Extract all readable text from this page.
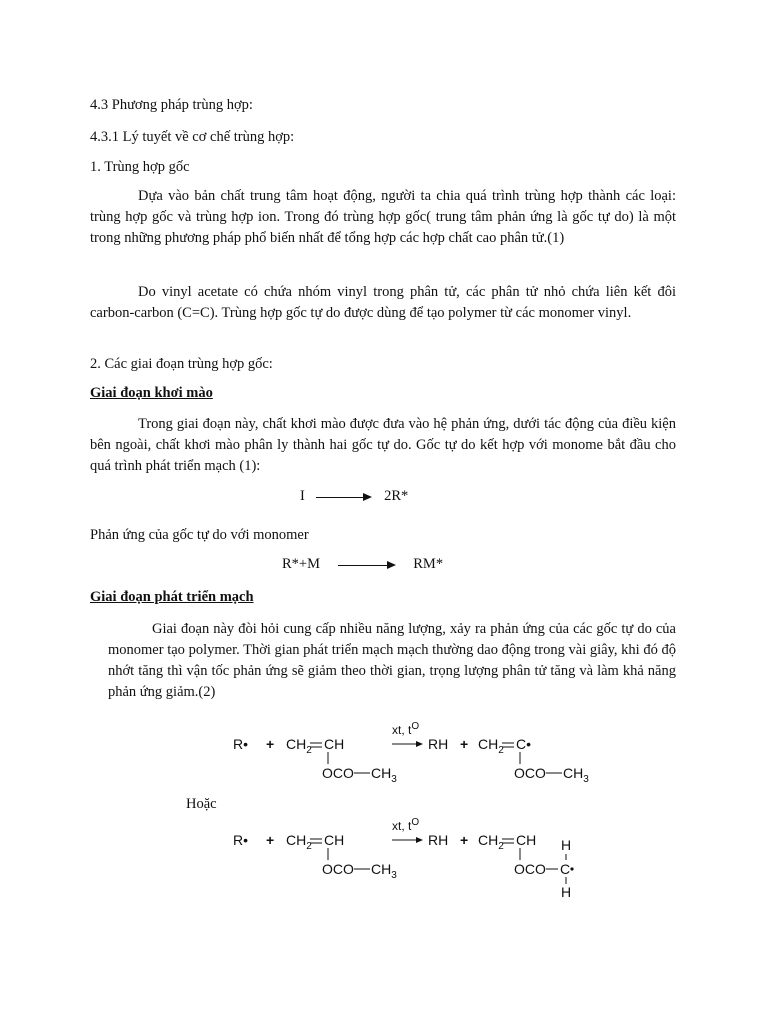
4.3 Phương pháp trùng hợp:
4.3.1 Lý tuyết về cơ chế trùng hợp:
1. Trùng hợp gốc
Dựa vào bản chất trung tâm hoạt động, người ta chia quá trình trùng hợp thành các loại: trùng hợp gốc và trùng hợp ion. Trong đó trùng hợp gốc( trung tâm phản ứng là gốc tự do) là một trong những phương pháp phổ biến nhất để tổng hợp các hợp chất cao phân tử.(1)
Do vinyl acetate có chứa nhóm vinyl trong phân tử, các phân tử nhỏ chứa liên kết đôi carbon-carbon (C=C). Trùng hợp gốc tự do được dùng để tạo polymer từ các monomer vinyl.
2. Các giai đoạn trùng hợp gốc:
Giai đoạn khơi mào
Trong giai đoạn này, chất khơi mào được đưa vào hệ phản ứng, dưới tác động của điều kiện bên ngoài, chất khơi mào phân ly thành hai gốc tự do. Gốc tự do kết hợp với monome bắt đầu cho quá trình phát triển mạch (1):
I	2R*
Phản ứng của gốc tự do với monomer
R*+M	RM*
Giai đoạn phát triển mạch
Giai đoạn này đòi hỏi cung cấp nhiều năng lượng, xảy ra phản ứng của các gốc tự do của monomer tạo polymer. Thời gian phát triển mạch mạch thường dao động trong vài giây, khi đó độ nhớt tăng thì vận tốc phản ứng sẽ giảm theo thời gian, trọng lượng phân tử tăng và làm khả năng phản ứng giảm.(2)
R• + $CH_2$ CH
OCO $CH_3$
xt, $t^O$
RH + $CH_2$ C•
OCO $CH_3$
Hoặc
R• + $CH_2$ CH
OCO $CH_3$
xt, $t^O$
RH + $CH_2$ CH
OCO C
H
H
